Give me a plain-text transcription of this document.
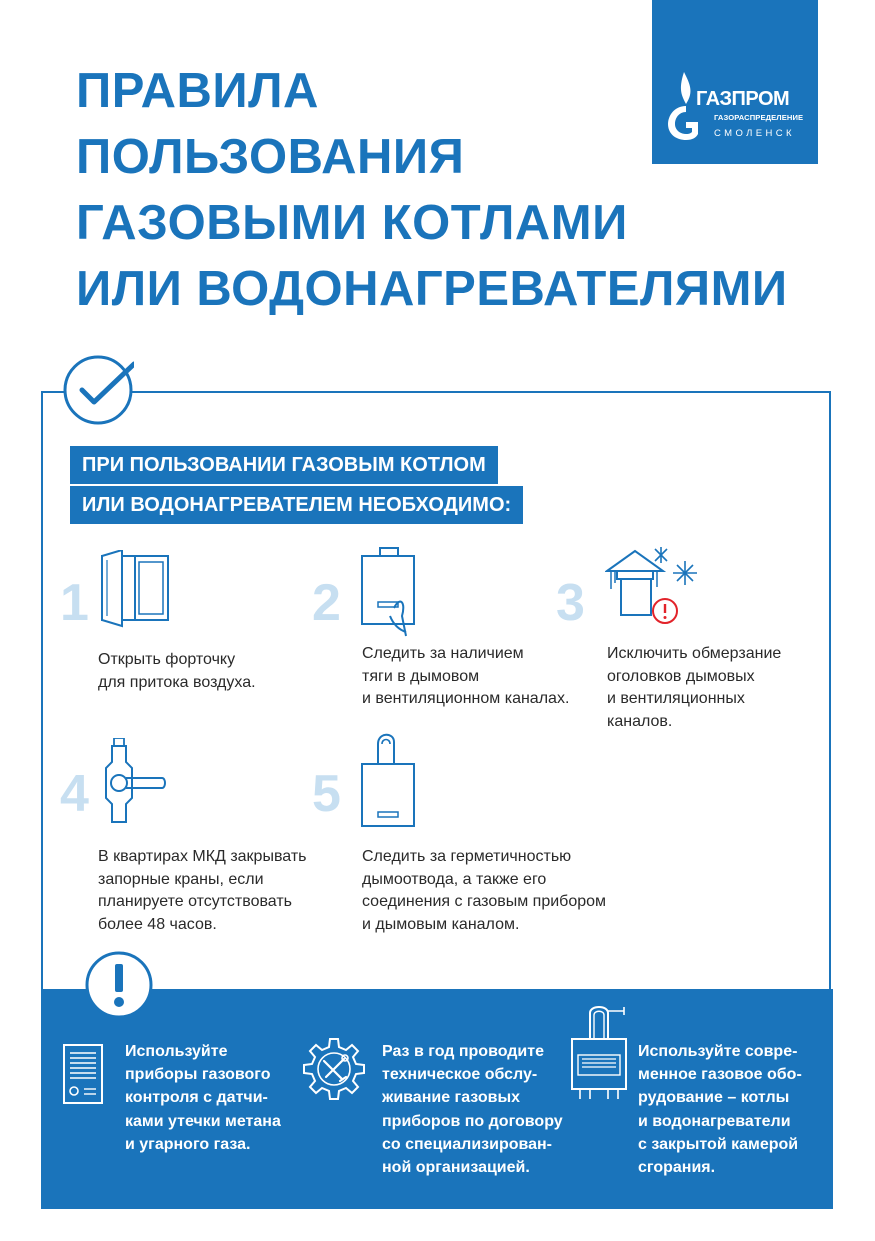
ПРАВИЛА
ПОЛЬЗОВАНИЯ
ГАЗОВЫМИ КОТЛАМИ
ИЛИ ВОДОНАГРЕВАТЕЛЯМИ
ГАЗПРОМ
ГАЗОРАСПРЕДЕЛЕНИЕ
СМОЛЕНСК
ПРИ ПОЛЬЗОВАНИИ ГАЗОВЫМ КОТЛОМ
ИЛИ ВОДОНАГРЕВАТЕЛЕМ НЕОБХОДИМО:
1
Открыть форточку
для притока воздуха.
2
Следить за наличием
тяги в дымовом
и вентиляционном каналах.
3
Исключить обмерзание
оголовков дымовых
и вентиляционных
каналов.
4
В квартирах МКД закрывать
запорные краны, если
планируете отсутствовать
более 48 часов.
5
Следить за герметичностью
дымоотвода, а также его
соединения с газовым прибором
и дымовым каналом.
Используйте
приборы газового
контроля с датчи-
ками утечки метана
и угарного газа.
Раз в год проводите
техническое обслу-
живание газовых
приборов по договору
со специализирован-
ной организацией.
Используйте совре-
менное газовое обо-
рудование – котлы
и водонагреватели
с закрытой камерой
сгорания.
